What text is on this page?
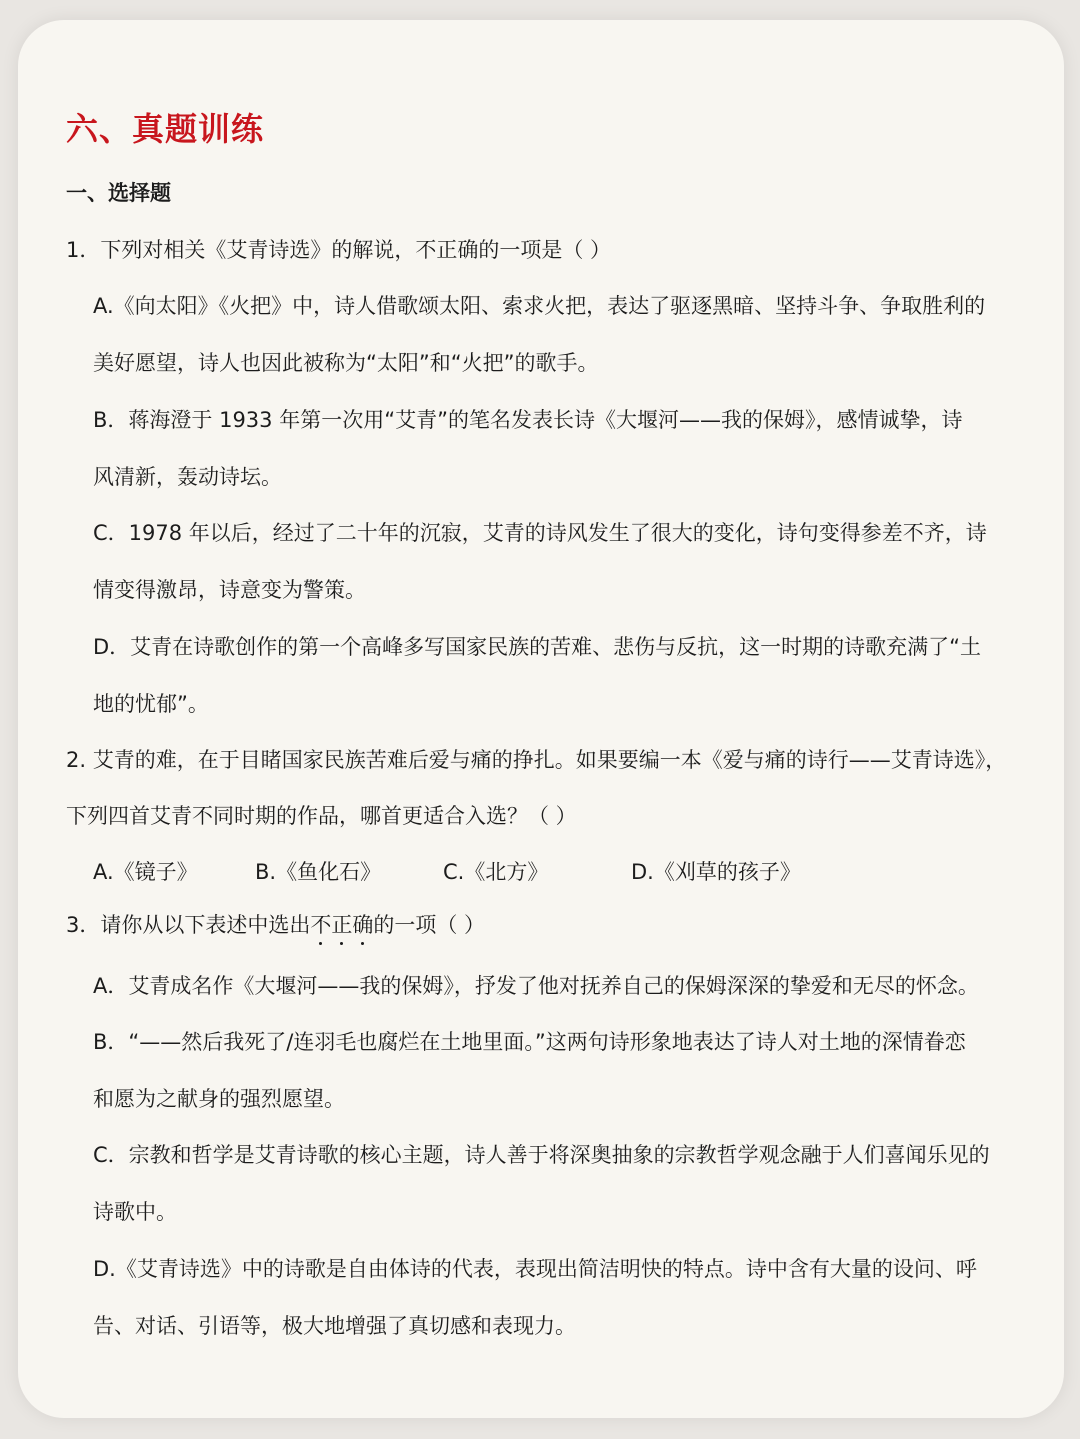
六、真题训练
一、选择题
1．下列对相关《艾青诗选》的解说，不正确的一项是（ ）
A.《向太阳》《火把》中，诗人借歌颂太阳、索求火把，表达了驱逐黑暗、坚持斗争、争取胜利的
美好愿望，诗人也因此被称为“太阳”和“火把”的歌手。
B．蒋海澄于 1933 年第一次用“艾青”的笔名发表长诗《大堰河——我的保姆》，感情诚挚，诗
风清新，轰动诗坛。
C．1978 年以后，经过了二十年的沉寂，艾青的诗风发生了很大的变化，诗句变得参差不齐，诗
情变得激昂，诗意变为警策。
D．艾青在诗歌创作的第一个高峰多写国家民族的苦难、悲伤与反抗，这一时期的诗歌充满了“土
地的忧郁”。
2. 艾青的难，在于目睹国家民族苦难后爱与痛的挣扎。如果要编一本《爱与痛的诗行——艾青诗选》，
下列四首艾青不同时期的作品，哪首更适合入选？（ ）
A.《镜子》	B.《鱼化石》	C.《北方》	D.《刈草的孩子》
3．请你从以下表述中选出不正确的一项（ ）
A．艾青成名作《大堰河——我的保姆》，抒发了他对抚养自己的保姆深深的挚爱和无尽的怀念。
B．“——然后我死了/连羽毛也腐烂在土地里面。”这两句诗形象地表达了诗人对土地的深情眷恋
和愿为之献身的强烈愿望。
C．宗教和哲学是艾青诗歌的核心主题，诗人善于将深奥抽象的宗教哲学观念融于人们喜闻乐见的
诗歌中。
D.《艾青诗选》中的诗歌是自由体诗的代表，表现出简洁明快的特点。诗中含有大量的设问、呼
告、对话、引语等，极大地增强了真切感和表现力。
